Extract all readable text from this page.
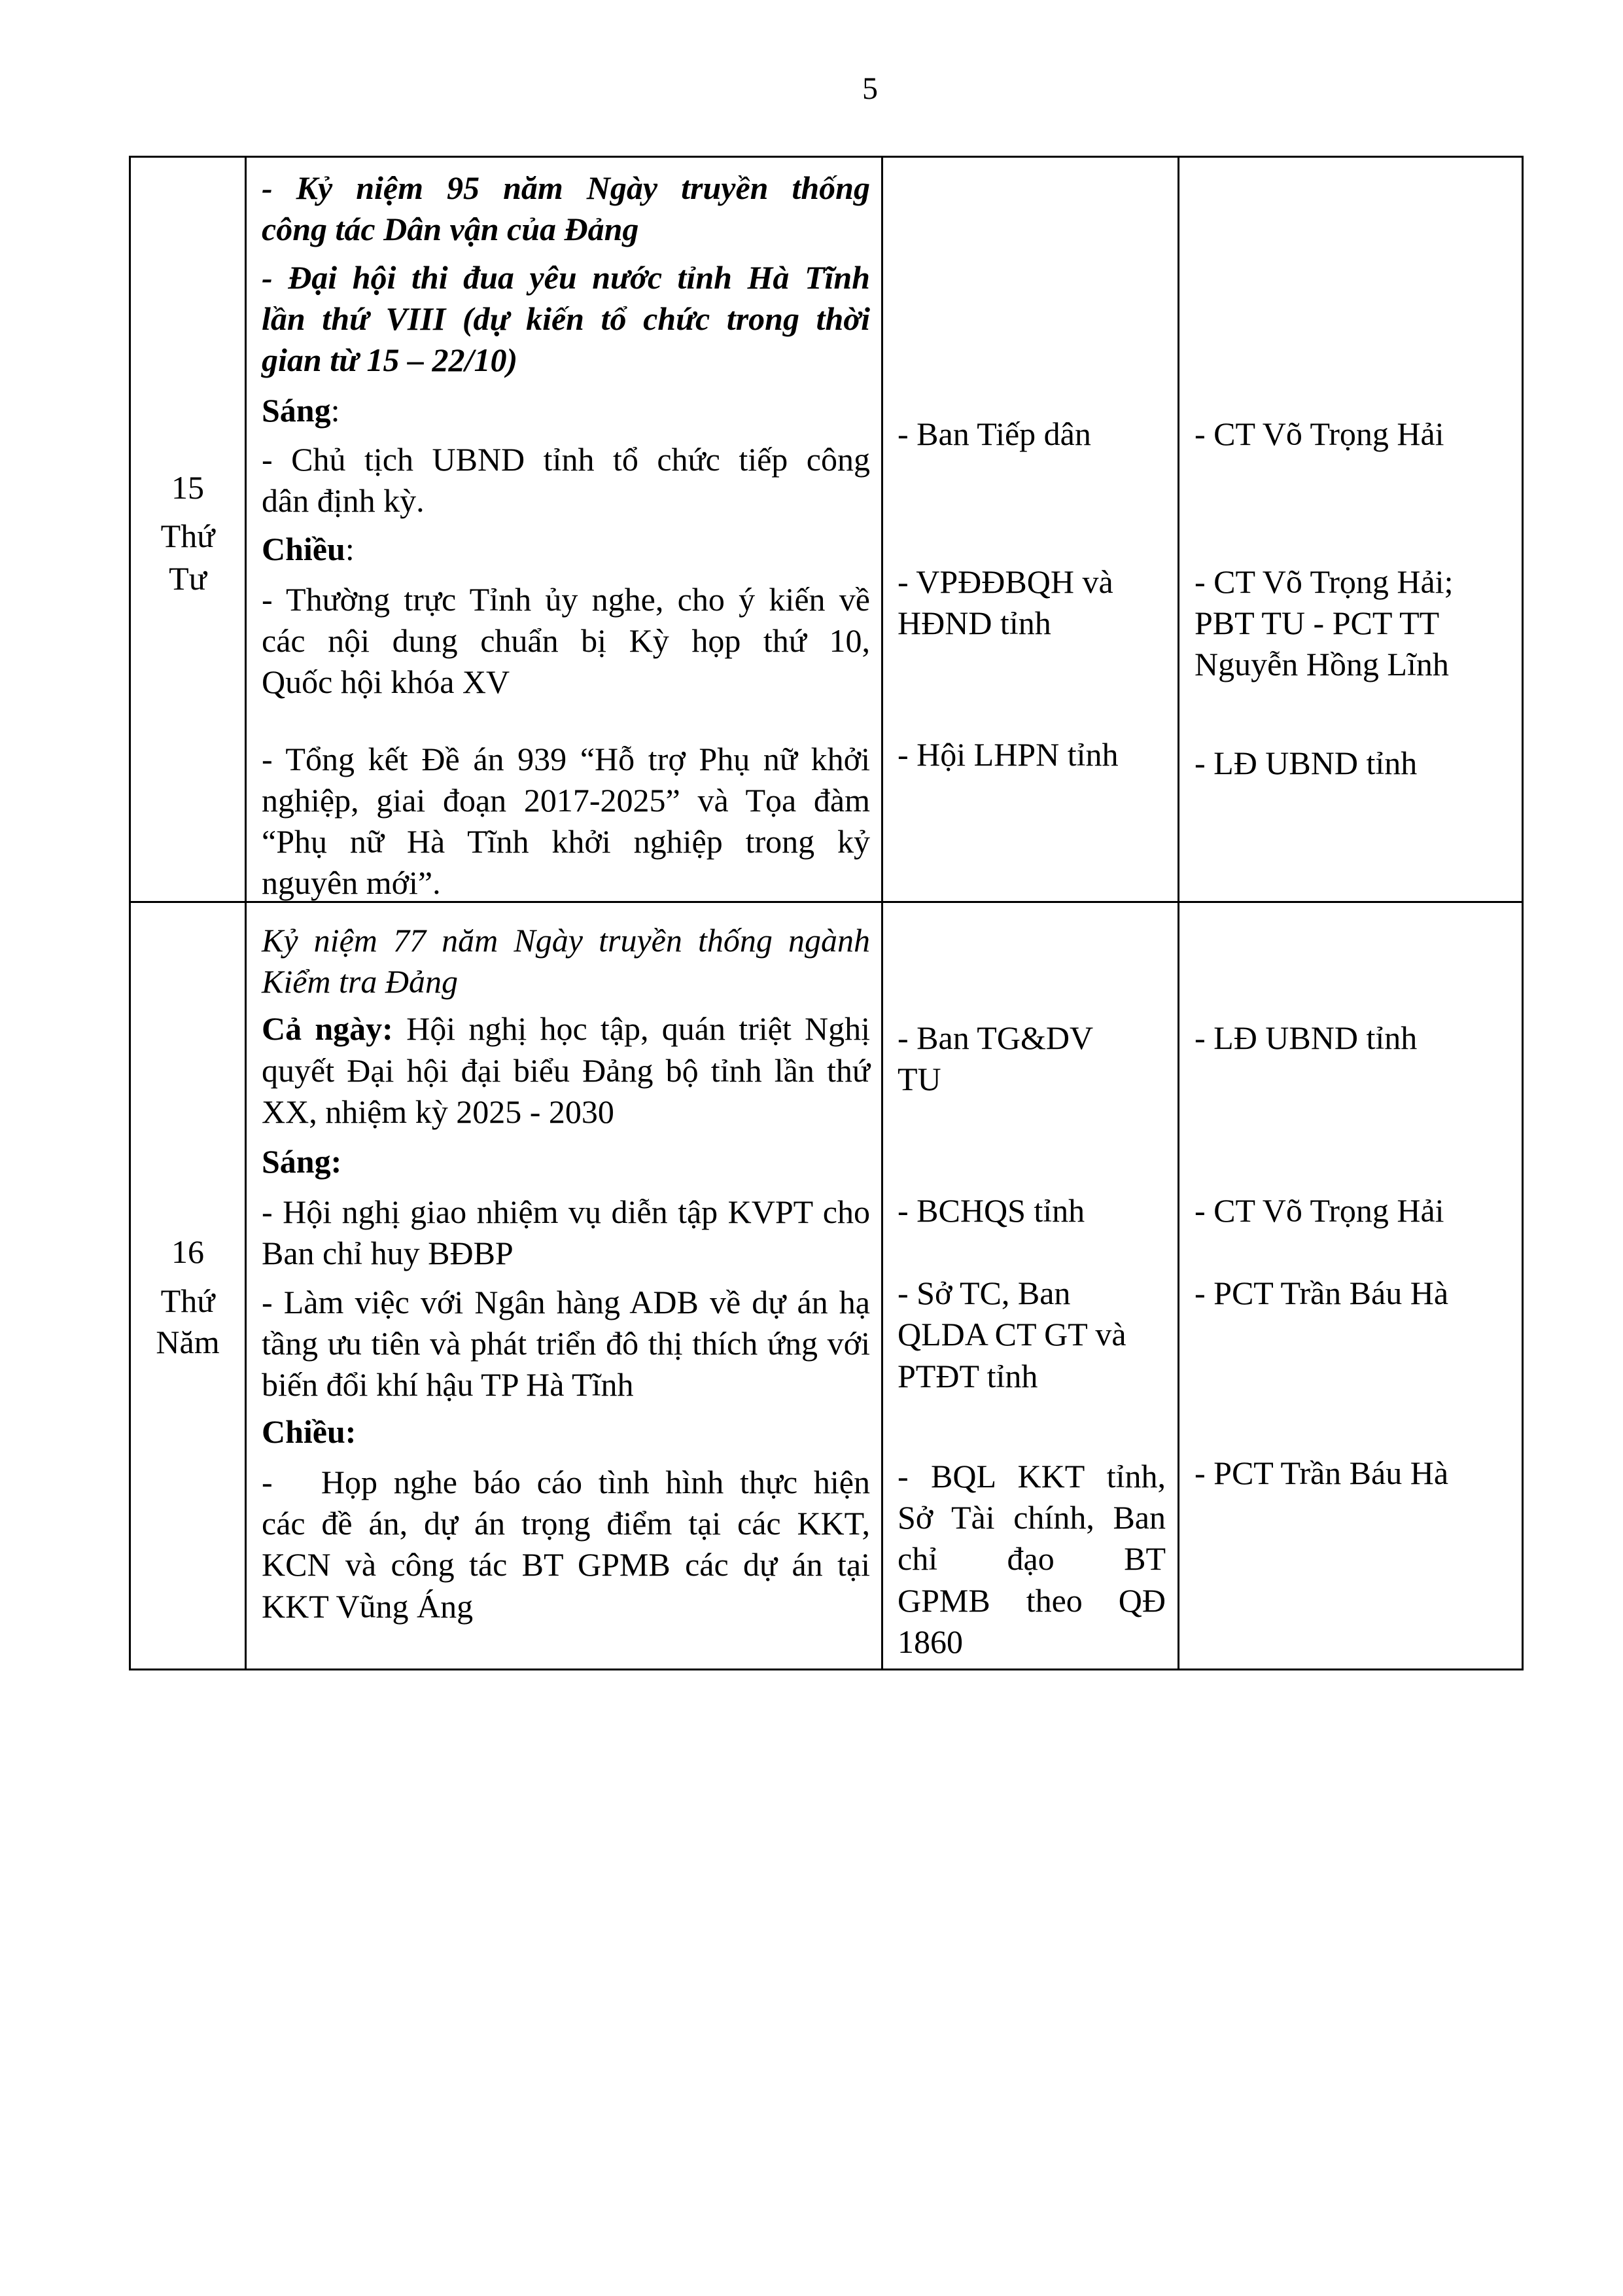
5
15
Thứ
Tư
- Kỷ niệm 95 năm Ngày truyền thống
công tác Dân vận của Đảng
- Đại hội thi đua yêu nước tỉnh Hà Tĩnh
lần thứ VIII (dự kiến tổ chức trong thời
gian từ 15 – 22/10)
Sáng:
- Chủ tịch UBND tỉnh tổ chức tiếp công
dân định kỳ.
Chiều:
- Thường trực Tỉnh ủy nghe, cho ý kiến về
các nội dung chuẩn bị Kỳ họp thứ 10,
Quốc hội khóa XV
- Tổng kết Đề án 939 “Hỗ trợ Phụ nữ khởi
nghiệp, giai đoạn 2017-2025” và Tọa đàm
“Phụ nữ Hà Tĩnh khởi nghiệp trong kỷ
nguyên mới”.
- Ban Tiếp dân
- VPĐĐBQH và
HĐND tỉnh
- Hội LHPN tỉnh
- CT Võ Trọng Hải
- CT Võ Trọng Hải;
PBT TU - PCT TT
Nguyễn Hồng Lĩnh
- LĐ UBND tỉnh
16
Thứ
Năm
Kỷ niệm 77 năm Ngày truyền thống ngành
Kiểm tra Đảng
Cả ngày: Hội nghị học tập, quán triệt Nghị
quyết Đại hội đại biểu Đảng bộ tỉnh lần thứ
XX, nhiệm kỳ 2025 - 2030
Sáng:
- Hội nghị giao nhiệm vụ diễn tập KVPT cho
Ban chỉ huy BĐBP
- Làm việc với Ngân hàng ADB về dự án hạ
tầng ưu tiên và phát triển đô thị thích ứng với
biến đổi khí hậu TP Hà Tĩnh
Chiều:
-   Họp nghe báo cáo tình hình thực hiện
các đề án, dự án trọng điểm tại các KKT,
KCN và công tác BT GPMB các dự án tại
KKT Vũng Áng
- Ban TG&DV
TU
- BCHQS tỉnh
- Sở TC, Ban
QLDA CT GT và
PTĐT tỉnh
- BQL KKT tỉnh,
Sở Tài chính, Ban
chỉ đạo BT
GPMB theo QĐ
1860
- LĐ UBND tỉnh
- CT Võ Trọng Hải
- PCT Trần Báu Hà
- PCT Trần Báu Hà
